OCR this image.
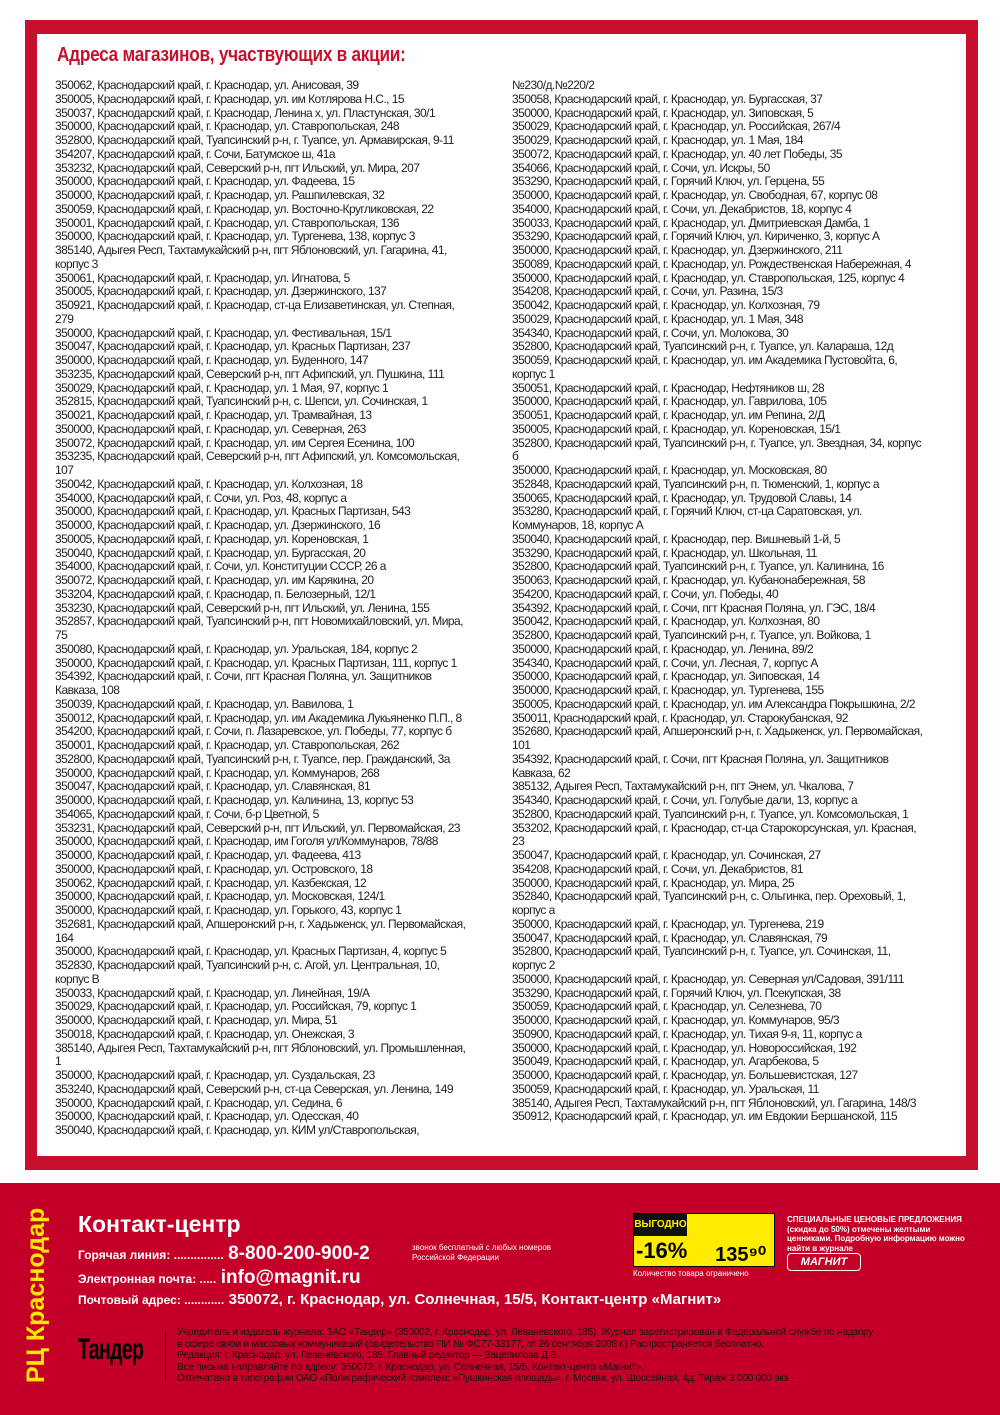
Адреса магазинов, участвующих в акции:
350062, Краснодарский край, г. Краснодар, ул. Анисовая, 39
350005, Краснодарский край, г. Краснодар, ул. им Котлярова Н.С., 15
350037, Краснодарский край, г. Краснодар, Ленина х, ул. Пластунская, 30/1
350000, Краснодарский край, г. Краснодар, ул. Ставропольская, 248
352800, Краснодарский край, Туапсинский р-н, г. Туапсе, ул. Армавирская, 9-11
354207, Краснодарский край, г. Сочи, Батумское ш, 41а
353232, Краснодарский край, Северский р-н, пгт Ильский, ул. Мира, 207
350000, Краснодарский край, г. Краснодар, ул. Фадеева, 15
350000, Краснодарский край, г. Краснодар, ул. Рашпилевская, 32
350059, Краснодарский край, г. Краснодар, ул. Восточно-Кругликовская, 22
350001, Краснодарский край, г. Краснодар, ул. Ставропольская, 136
350000, Краснодарский край, г. Краснодар, ул. Тургенева, 138, корпус 3
385140, Адыгея Респ, Тахтамукайский р-н, пгт Яблоновский, ул. Гагарина, 41,
корпус 3
350061, Краснодарский край, г. Краснодар, ул. Игнатова, 5
350005, Краснодарский край, г. Краснодар, ул. Дзержинского, 137
350921, Краснодарский край, г. Краснодар, ст-ца Елизаветинская, ул. Степная,
279
350000, Краснодарский край, г. Краснодар, ул. Фестивальная, 15/1
350047, Краснодарский край, г. Краснодар, ул. Красных Партизан, 237
350000, Краснодарский край, г. Краснодар, ул. Буденного, 147
353235, Краснодарский край, Северский р-н, пгт Афипский, ул. Пушкина, 111
350029, Краснодарский край, г. Краснодар, ул. 1 Мая, 97, корпус 1
352815, Краснодарский край, Туапсинский р-н, с. Шепси, ул. Сочинская, 1
350021, Краснодарский край, г. Краснодар, ул. Трамвайная, 13
350000, Краснодарский край, г. Краснодар, ул. Северная, 263
350072, Краснодарский край, г. Краснодар, ул. им Сергея Есенина, 100
353235, Краснодарский край, Северский р-н, пгт Афипский, ул. Комсомольская,
107
350042, Краснодарский край, г. Краснодар, ул. Колхозная, 18
354000, Краснодарский край, г. Сочи, ул. Роз, 48, корпус а
350000, Краснодарский край, г. Краснодар, ул. Красных Партизан, 543
350000, Краснодарский край, г. Краснодар, ул. Дзержинского, 16
350005, Краснодарский край, г. Краснодар, ул. Кореновская, 1
350040, Краснодарский край, г. Краснодар, ул. Бургасская, 20
354000, Краснодарский край, г. Сочи, ул. Конституции СССР, 26 а
350072, Краснодарский край, г. Краснодар, ул. им Карякина, 20
353204, Краснодарский край, г. Краснодар, п. Белозерный, 12/1
353230, Краснодарский край, Северский р-н, пгт Ильский, ул. Ленина, 155
352857, Краснодарский край, Туапсинский р-н, пгт Новомихайловский, ул. Мира,
75
350080, Краснодарский край, г. Краснодар, ул. Уральская, 184, корпус 2
350000, Краснодарский край, г. Краснодар, ул. Красных Партизан, 111, корпус 1
354392, Краснодарский край, г. Сочи, пгт Красная Поляна, ул. Защитников
Кавказа, 108
350039, Краснодарский край, г. Краснодар, ул. Вавилова, 1
350012, Краснодарский край, г. Краснодар, ул. им Академика Лукьяненко П.П., 8
354200, Краснодарский край, г. Сочи, п. Лазаревское, ул. Победы, 77, корпус б
350001, Краснодарский край, г. Краснодар, ул. Ставропольская, 262
352800, Краснодарский край, Туапсинский р-н, г. Туапсе, пер. Гражданский, 3а
350000, Краснодарский край, г. Краснодар, ул. Коммунаров, 268
350047, Краснодарский край, г. Краснодар, ул. Славянская, 81
350000, Краснодарский край, г. Краснодар, ул. Калинина, 13, корпус 53
354065, Краснодарский край, г. Сочи, б-р Цветной, 5
353231, Краснодарский край, Северский р-н, пгт Ильский, ул. Первомайская, 23
350000, Краснодарский край, г. Краснодар, им Гоголя ул/Коммунаров, 78/88
350000, Краснодарский край, г. Краснодар, ул. Фадеева, 413
350000, Краснодарский край, г. Краснодар, ул. Островского, 18
350062, Краснодарский край, г. Краснодар, ул. Казбекская, 12
350000, Краснодарский край, г. Краснодар, ул. Московская, 124/1
350000, Краснодарский край, г. Краснодар, ул. Горького, 43, корпус 1
352681, Краснодарский край, Апшеронский р-н, г. Хадыженск, ул. Первомайская,
164
350000, Краснодарский край, г. Краснодар, ул. Красных Партизан, 4, корпус 5
352830, Краснодарский край, Туапсинский р-н, с. Агой, ул. Центральная, 10,
корпус В
350033, Краснодарский край, г. Краснодар, ул. Линейная, 19/А
350029, Краснодарский край, г. Краснодар, ул. Российская, 79, корпус 1
350000, Краснодарский край, г. Краснодар, ул. Мира, 51
350018, Краснодарский край, г. Краснодар, ул. Онежская, 3
385140, Адыгея Респ, Тахтамукайский р-н, пгт Яблоновский, ул. Промышленная,
1
350000, Краснодарский край, г. Краснодар, ул. Суздальская, 23
353240, Краснодарский край, Северский р-н, ст-ца Северская, ул. Ленина, 149
350000, Краснодарский край, г. Краснодар, ул. Седина, 6
350000, Краснодарский край, г. Краснодар, ул. Одесская, 40
350040, Краснодарский край, г. Краснодар, ул. КИМ ул/Ставропольская,
№230/д.№220/2
350058, Краснодарский край, г. Краснодар, ул. Бургасская, 37
350000, Краснодарский край, г. Краснодар, ул. Зиповская, 5
350029, Краснодарский край, г. Краснодар, ул. Российская, 267/4
350029, Краснодарский край, г. Краснодар, ул. 1 Мая, 184
350072, Краснодарский край, г. Краснодар, ул. 40 лет Победы, 35
354066, Краснодарский край, г. Сочи, ул. Искры, 50
353290, Краснодарский край, г. Горячий Ключ, ул. Герцена, 55
350000, Краснодарский край, г. Краснодар, ул. Свободная, 67, корпус 08
354000, Краснодарский край, г. Сочи, ул. Декабристов, 18, корпус 4
350033, Краснодарский край, г. Краснодар, ул. Дмитриевская Дамба, 1
353290, Краснодарский край, г. Горячий Ключ, ул. Кириченко, 3, корпус А
350000, Краснодарский край, г. Краснодар, ул. Дзержинского, 211
350089, Краснодарский край, г. Краснодар, ул. Рождественская Набережная, 4
350000, Краснодарский край, г. Краснодар, ул. Ставропольская, 125, корпус 4
354208, Краснодарский край, г. Сочи, ул. Разина, 15/3
350042, Краснодарский край, г. Краснодар, ул. Колхозная, 79
350029, Краснодарский край, г. Краснодар, ул. 1 Мая, 348
354340, Краснодарский край, г. Сочи, ул. Молокова, 30
352800, Краснодарский край, Туапсинский р-н, г. Туапсе, ул. Калараша, 12д
350059, Краснодарский край, г. Краснодар, ул. им Академика Пустовойта, 6,
корпус 1
350051, Краснодарский край, г. Краснодар, Нефтяников ш, 28
350000, Краснодарский край, г. Краснодар, ул. Гаврилова, 105
350051, Краснодарский край, г. Краснодар, ул. им Репина, 2/Д
350005, Краснодарский край, г. Краснодар, ул. Кореновская, 15/1
352800, Краснодарский край, Туапсинский р-н, г. Туапсе, ул. Звездная, 34, корпус
б
350000, Краснодарский край, г. Краснодар, ул. Московская, 80
352848, Краснодарский край, Туапсинский р-н, п. Тюменский, 1, корпус а
350065, Краснодарский край, г. Краснодар, ул. Трудовой Славы, 14
353280, Краснодарский край, г. Горячий Ключ, ст-ца Саратовская, ул.
Коммунаров, 18, корпус А
350040, Краснодарский край, г. Краснодар, пер. Вишневый 1-й, 5
353290, Краснодарский край, г. Краснодар, ул. Школьная, 11
352800, Краснодарский край, Туапсинский р-н, г. Туапсе, ул. Калинина, 16
350063, Краснодарский край, г. Краснодар, ул. Кубанонабережная, 58
354200, Краснодарский край, г. Сочи, ул. Победы, 40
354392, Краснодарский край, г. Сочи, пгт Красная Поляна, ул. ГЭС, 18/4
350042, Краснодарский край, г. Краснодар, ул. Колхозная, 80
352800, Краснодарский край, Туапсинский р-н, г. Туапсе, ул. Войкова, 1
350000, Краснодарский край, г. Краснодар, ул. Ленина, 89/2
354340, Краснодарский край, г. Сочи, ул. Лесная, 7, корпус А
350000, Краснодарский край, г. Краснодар, ул. Зиповская, 14
350000, Краснодарский край, г. Краснодар, ул. Тургенева, 155
350005, Краснодарский край, г. Краснодар, ул. им Александра Покрышкина, 2/2
350011, Краснодарский край, г. Краснодар, ул. Старокубанская, 92
352680, Краснодарский край, Апшеронский р-н, г. Хадыженск, ул. Первомайская,
101
354392, Краснодарский край, г. Сочи, пгт Красная Поляна, ул. Защитников
Кавказа, 62
385132, Адыгея Респ, Тахтамукайский р-н, пгт Энем, ул. Чкалова, 7
354340, Краснодарский край, г. Сочи, ул. Голубые дали, 13, корпус а
352800, Краснодарский край, Туапсинский р-н, г. Туапсе, ул. Комсомольская, 1
353202, Краснодарский край, г. Краснодар, ст-ца Старокорсунская, ул. Красная,
23
350047, Краснодарский край, г. Краснодар, ул. Сочинская, 27
354208, Краснодарский край, г. Сочи, ул. Декабристов, 81
350000, Краснодарский край, г. Краснодар, ул. Мира, 25
352840, Краснодарский край, Туапсинский р-н, с. Ольгинка, пер. Ореховый, 1,
корпус а
350000, Краснодарский край, г. Краснодар, ул. Тургенева, 219
350047, Краснодарский край, г. Краснодар, ул. Славянская, 79
352800, Краснодарский край, Туапсинский р-н, г. Туапсе, ул. Сочинская, 11,
корпус 2
350000, Краснодарский край, г. Краснодар, ул. Северная ул/Садовая, 391/111
353290, Краснодарский край, г. Горячий Ключ, ул. Псекупская, 38
350059, Краснодарский край, г. Краснодар, ул. Селезнева, 70
350000, Краснодарский край, г. Краснодар, ул. Коммунаров, 95/3
350900, Краснодарский край, г. Краснодар, ул. Тихая 9-я, 11, корпус а
350000, Краснодарский край, г. Краснодар, ул. Новороссийская, 192
350049, Краснодарский край, г. Краснодар, ул. Агарбекова, 5
350000, Краснодарский край, г. Краснодар, ул. Большевистская, 127
350059, Краснодарский край, г. Краснодар, ул. Уральская, 11
385140, Адыгея Респ, Тахтамукайский р-н, пгт Яблоновский, ул. Гагарина, 148/3
350912, Краснодарский край, г. Краснодар, ул. им Евдокии Бершанской, 115
РЦ Краснодар Контакт-центр
Горячая линия: ............... 8-800-200-900-2	звонок бесплатный с любых номеров Российской Федерации
Электронная почта: ..... info@magnit.ru
Почтовый адрес: ............ 350072, г. Краснодар, ул. Солнечная, 15/5, Контакт-центр «Магнит»
ВЫГОДНО
-16% 135⁹⁰
Количество товара ограничено
СПЕЦИАЛЬНЫЕ ЦЕНОВЫЕ ПРЕДЛОЖЕНИЯ (скидка до 50%) отмечены желтыми ценниками. Подробную информацию можно найти в журнале
МАГНИТ
Тандер
Учредитель и издатель журнала: ЗАО «Тандер» (350002, г. Краснодар, ул. Леваневского, 185). Журнал зарегистрирован в Федеральной службе по надзору
в сфере связи и массовых коммуникаций (свидетельство ПИ № ФС77-33177, от 26 сентября 2008 г.) Распространяется бесплатно.
Редакция: г. Краснодар, ул. Леваневского, 185. Главный редактор — Зацепилова Д.В.
Все письма направляйте по адресу: 350072, г. Краснодар, ул. Солнечная, 15/5. Контакт-центр «Магнит».
Отпечатано в типографии ОАО «Полиграфический комплекс «Пушкинская площадь», г. Москва, ул. Шоссейная, 4д. Тираж 3 000 000 экз.
